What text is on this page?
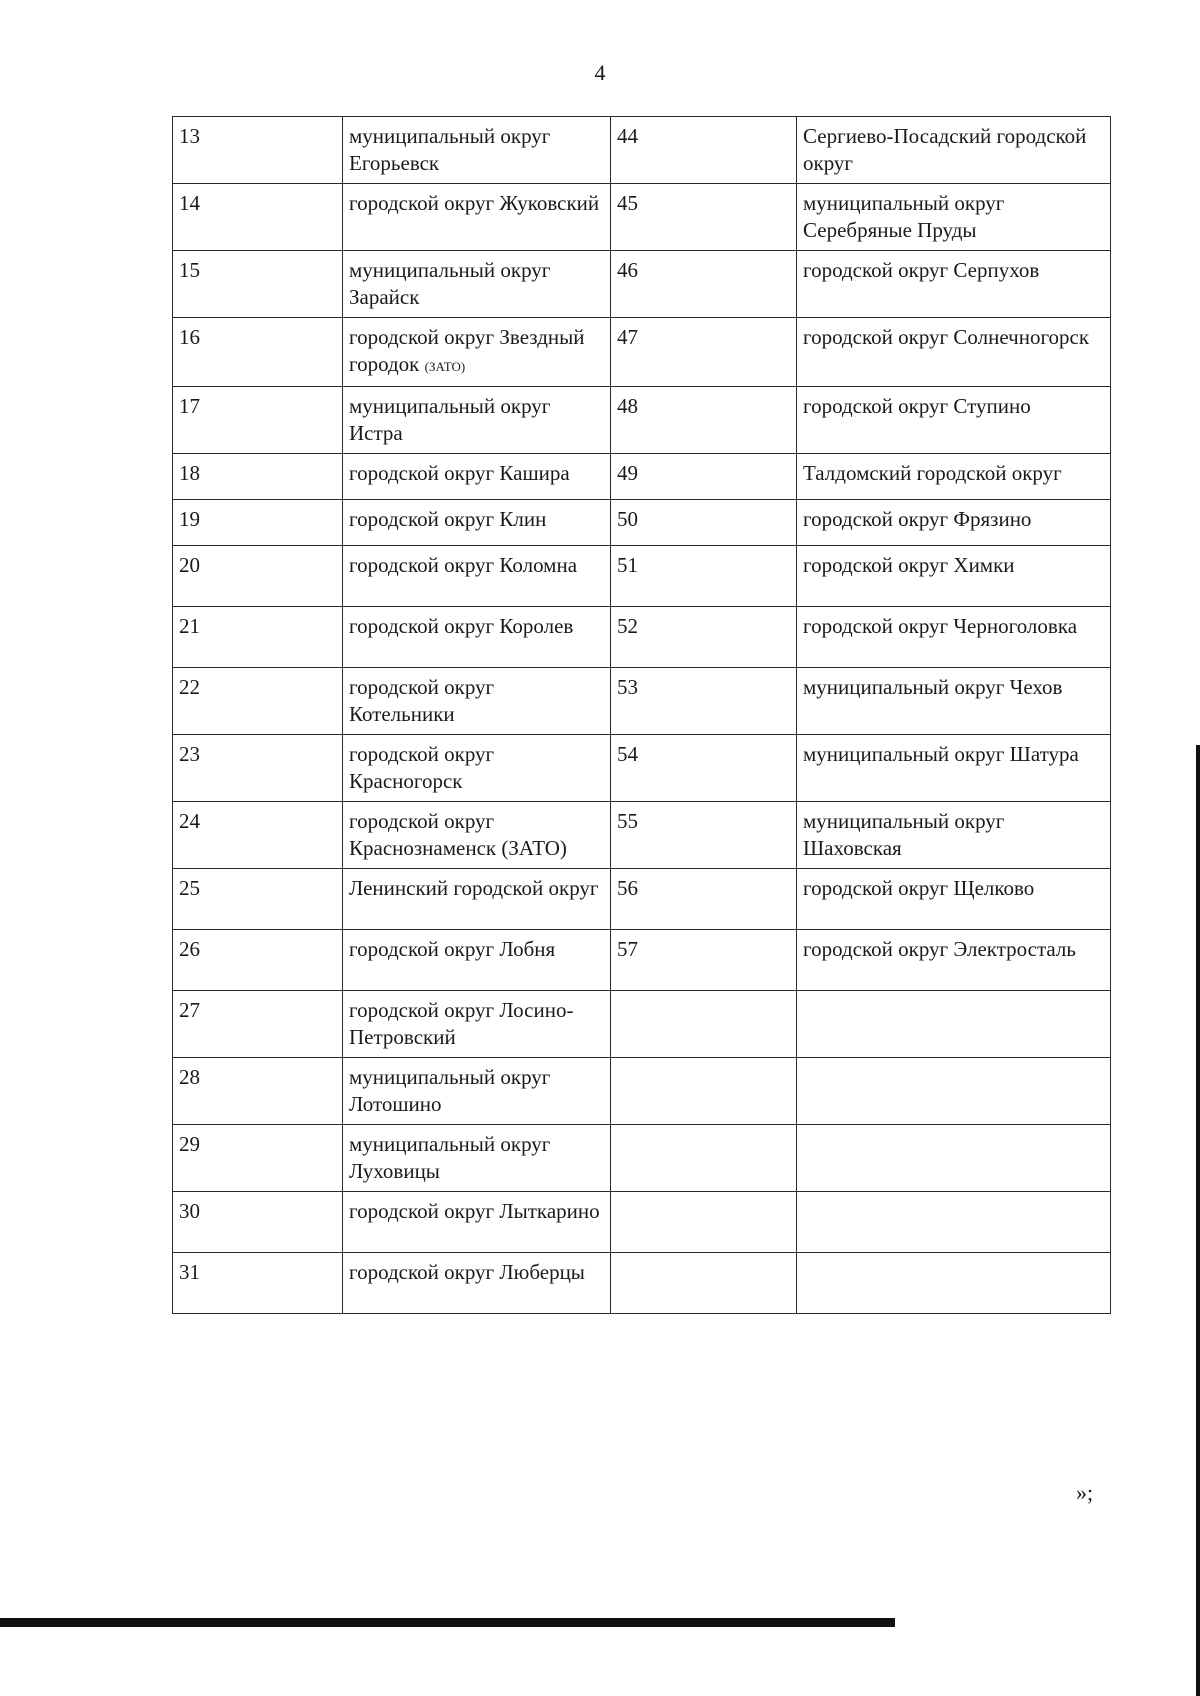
4
13	муниципальный округ Егорьевск	44	Сергиево-Посадский городской округ
14	городской округ Жуковский	45	муниципальный округ Серебряные Пруды
15	муниципальный округ Зарайск	46	городской округ Серпухов
16	городской округ Звездный городок (ЗАТО)	47	городской округ Солнечногорск
17	муниципальный округ Истра	48	городской округ Ступино
18	городской округ Кашира	49	Талдомский городской округ
19	городской округ Клин	50	городской округ Фрязино
20	городской округ Коломна	51	городской округ Химки
21	городской округ Королев	52	городской округ Черноголовка
22	городской округ Котельники	53	муниципальный округ Чехов
23	городской округ Красногорск	54	муниципальный округ Шатура
24	городской округ Краснознаменск (ЗАТО)	55	муниципальный округ Шаховская
25	Ленинский городской округ	56	городской округ Щелково
26	городской округ Лобня	57	городской округ Электросталь
27	городской округ Лосино-Петровский		
28	муниципальный округ Лотошино		
29	муниципальный округ Луховицы		
30	городской округ Лыткарино		
31	городской округ Люберцы		
»;
